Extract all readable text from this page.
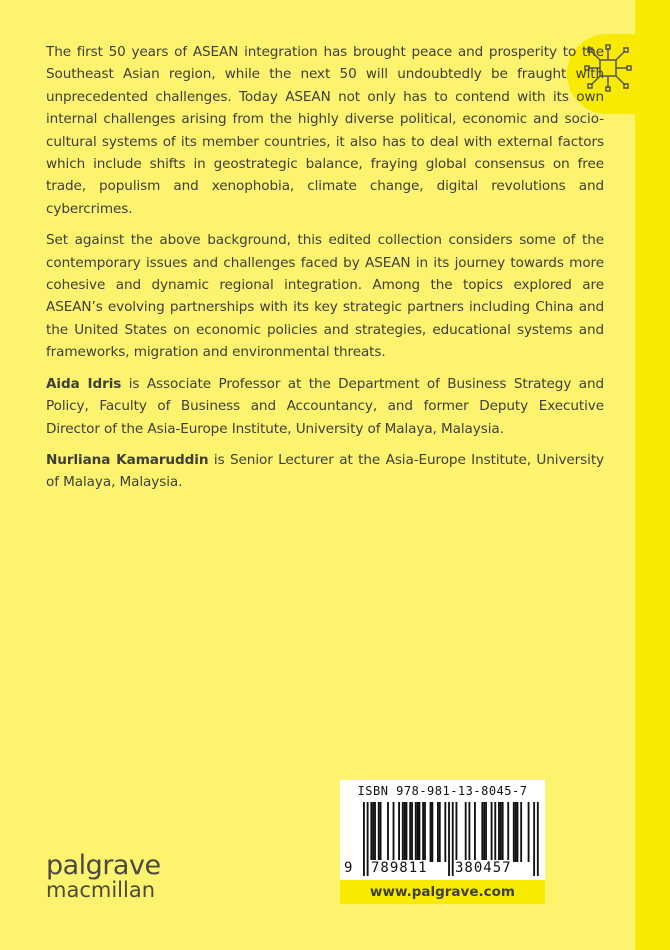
The first 50 years of ASEAN integration has brought peace and prosperity to the Southeast Asian region, while the next 50 will undoubtedly be fraught with unprecedented challenges. Today ASEAN not only has to contend with its own internal challenges arising from the highly diverse political, economic and socio-cultural systems of its member countries, it also has to deal with external factors which include shifts in geostrategic balance, fraying global consensus on free trade, populism and xenophobia, climate change, digital revolutions and cybercrimes.

Set against the above background, this edited collection considers some of the contemporary issues and challenges faced by ASEAN in its journey towards more cohesive and dynamic regional integration. Among the topics explored are ASEAN’s evolving partnerships with its key strategic partners including China and the United States on economic policies and strategies, educational systems and frameworks, migration and environmental threats.

Aida Idris is Associate Professor at the Department of Business Strategy and Policy, Faculty of Business and Accountancy, and former Deputy Executive Director of the Asia-Europe Institute, University of Malaya, Malaysia.

Nurliana Kamaruddin is Senior Lecturer at the Asia-Europe Institute, University of Malaya, Malaysia.

palgrave
macmillan
ISBN 978-981-13-8045-7
9 789811 380457
www.palgrave.com
